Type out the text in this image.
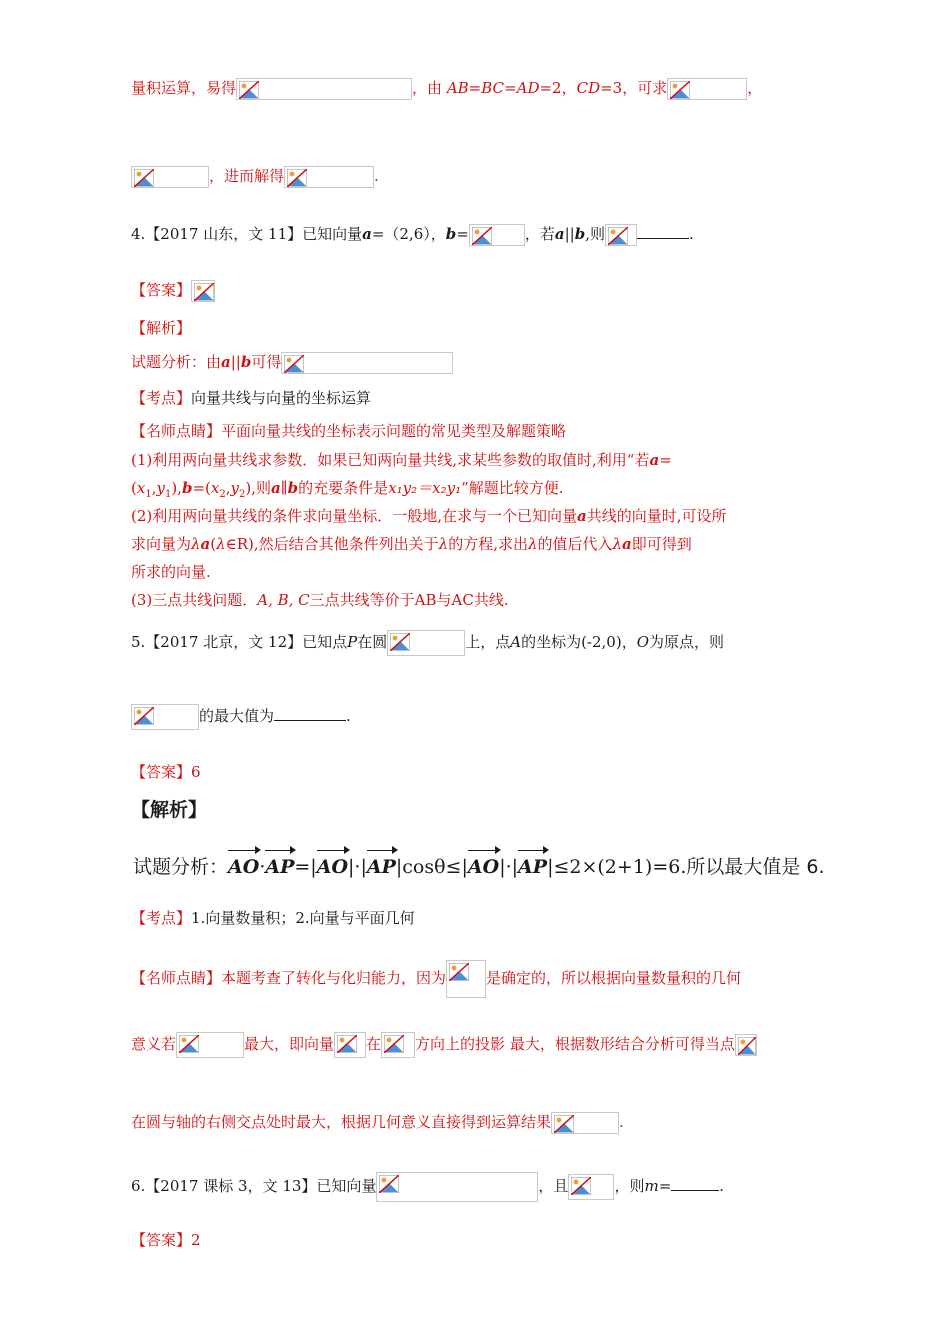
量积运算，易得	，由 AB=BC=AD=2，CD=3，可求	，
，进而解得	.
4.【2017 山东，文 11】已知向量a=（2,6），b=	，若a||b,则	.
【答案】
【解析】
试题分析：由a||b可得
【考点】向量共线与向量的坐标运算
【名师点睛】平面向量共线的坐标表示问题的常见类型及解题策略
(1)利用两向量共线求参数．如果已知两向量共线,求某些参数的取值时,利用“若a=
$(x_1,y_1),b=(x_2,y_2)$,则a∥b的充要条件是x₁y₂＝x₂y₁”解题比较方便.
(2)利用两向量共线的条件求向量坐标．一般地,在求与一个已知向量a共线的向量时,可设所
求向量为λa(λ∈R),然后结合其他条件列出关于λ的方程,求出λ的值后代入λa即可得到
所求的向量.
(3)三点共线问题．A, B, C三点共线等价于AB与AC共线.
5.【2017 北京，文 12】已知点P在圆	上，点A的坐标为(-2,0)，O为原点，则
的最大值为	.
【答案】6
【解析】
试题分析：AO·AP=|AO|·|AP|cosθ≤|AO|·|AP|≤2×(2+1)=6.所以最大值是 6.
【考点】1.向量数量积；2.向量与平面几何
【名师点睛】本题考查了转化与化归能力，因为	是确定的，所以根据向量数量积的几何
意义若	最大，即向量 在 方向上的投影 最大，根据数形结合分析可得当点
在圆与轴的右侧交点处时最大，根据几何意义直接得到运算结果	.
6.【2017 课标 3，文 13】已知向量	，且	，则m=	.
【答案】2
